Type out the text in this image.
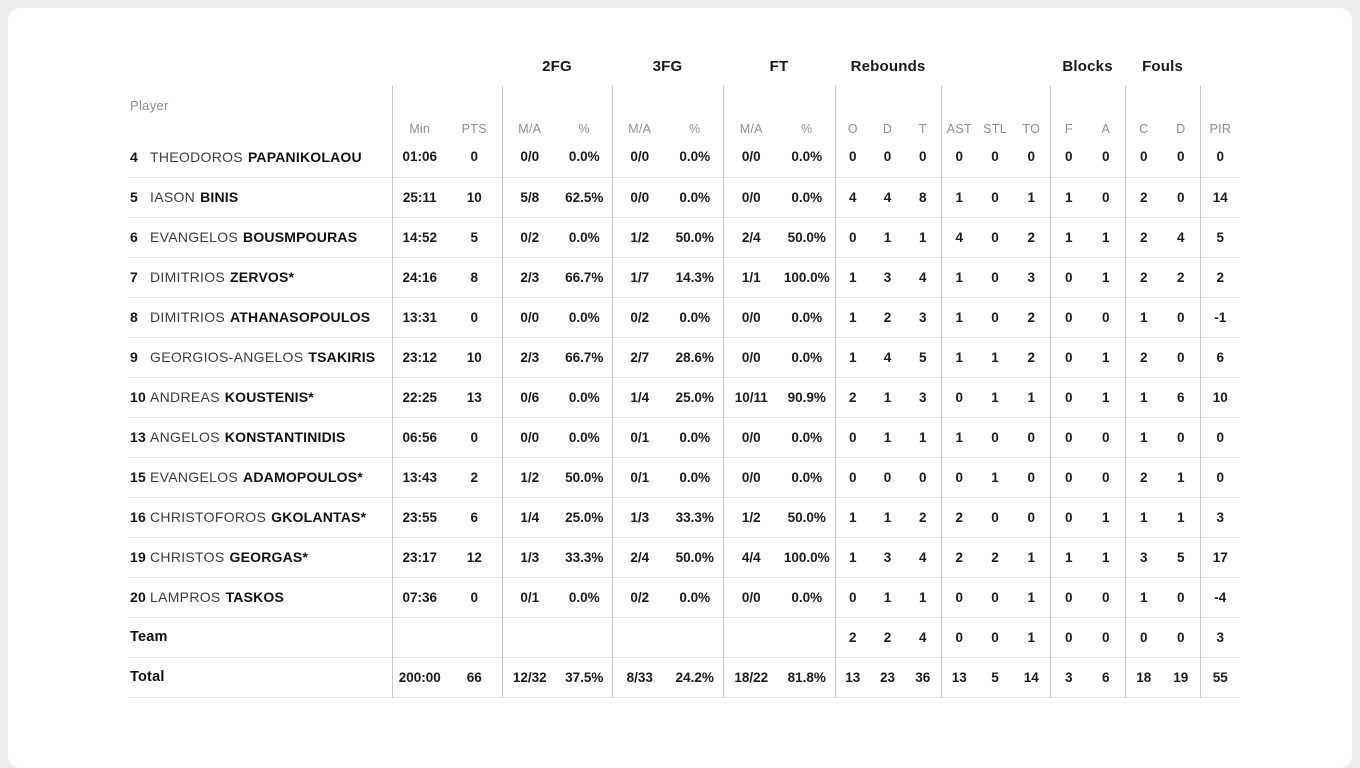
			2FG		3FG		FT		Rebounds						Blocks		Fouls		
Player	Min	PTS	M/A	%	M/A	%	M/A	%	O	D	T	AST	STL	TO	F	A	C	D	PIR
4 THEODOROS PAPANIKOLAOU	01:06	0	0/0	0.0%	0/0	0.0%	0/0	0.0%	0	0	0	0	0	0	0	0	0	0	0
5 IASON BINIS	25:11	10	5/8	62.5%	0/0	0.0%	0/0	0.0%	4	4	8	1	0	1	1	0	2	0	14
6 EVANGELOS BOUSMPOURAS	14:52	5	0/2	0.0%	1/2	50.0%	2/4	50.0%	0	1	1	4	0	2	1	1	2	4	5
7 DIMITRIOS ZERVOS*	24:16	8	2/3	66.7%	1/7	14.3%	1/1	100.0%	1	3	4	1	0	3	0	1	2	2	2
8 DIMITRIOS ATHANASOPOULOS	13:31	0	0/0	0.0%	0/2	0.0%	0/0	0.0%	1	2	3	1	0	2	0	0	1	0	-1
9 GEORGIOS-ANGELOS TSAKIRIS	23:12	10	2/3	66.7%	2/7	28.6%	0/0	0.0%	1	4	5	1	1	2	0	1	2	0	6
10 ANDREAS KOUSTENIS*	22:25	13	0/6	0.0%	1/4	25.0%	10/11	90.9%	2	1	3	0	1	1	0	1	1	6	10
13 ANGELOS KONSTANTINIDIS	06:56	0	0/0	0.0%	0/1	0.0%	0/0	0.0%	0	1	1	1	0	0	0	0	1	0	0
15 EVANGELOS ADAMOPOULOS*	13:43	2	1/2	50.0%	0/1	0.0%	0/0	0.0%	0	0	0	0	1	0	0	0	2	1	0
16 CHRISTOFOROS GKOLANTAS*	23:55	6	1/4	25.0%	1/3	33.3%	1/2	50.0%	1	1	2	2	0	0	0	1	1	1	3
19 CHRISTOS GEORGAS*	23:17	12	1/3	33.3%	2/4	50.0%	4/4	100.0%	1	3	4	2	2	1	1	1	3	5	17
20 LAMPROS TASKOS	07:36	0	0/1	0.0%	0/2	0.0%	0/0	0.0%	0	1	1	0	0	1	0	0	1	0	-4
Team									2	2	4	0	0	1	0	0	0	0	3
Total	200:00	66	12/32	37.5%	8/33	24.2%	18/22	81.8%	13	23	36	13	5	14	3	6	18	19	55
